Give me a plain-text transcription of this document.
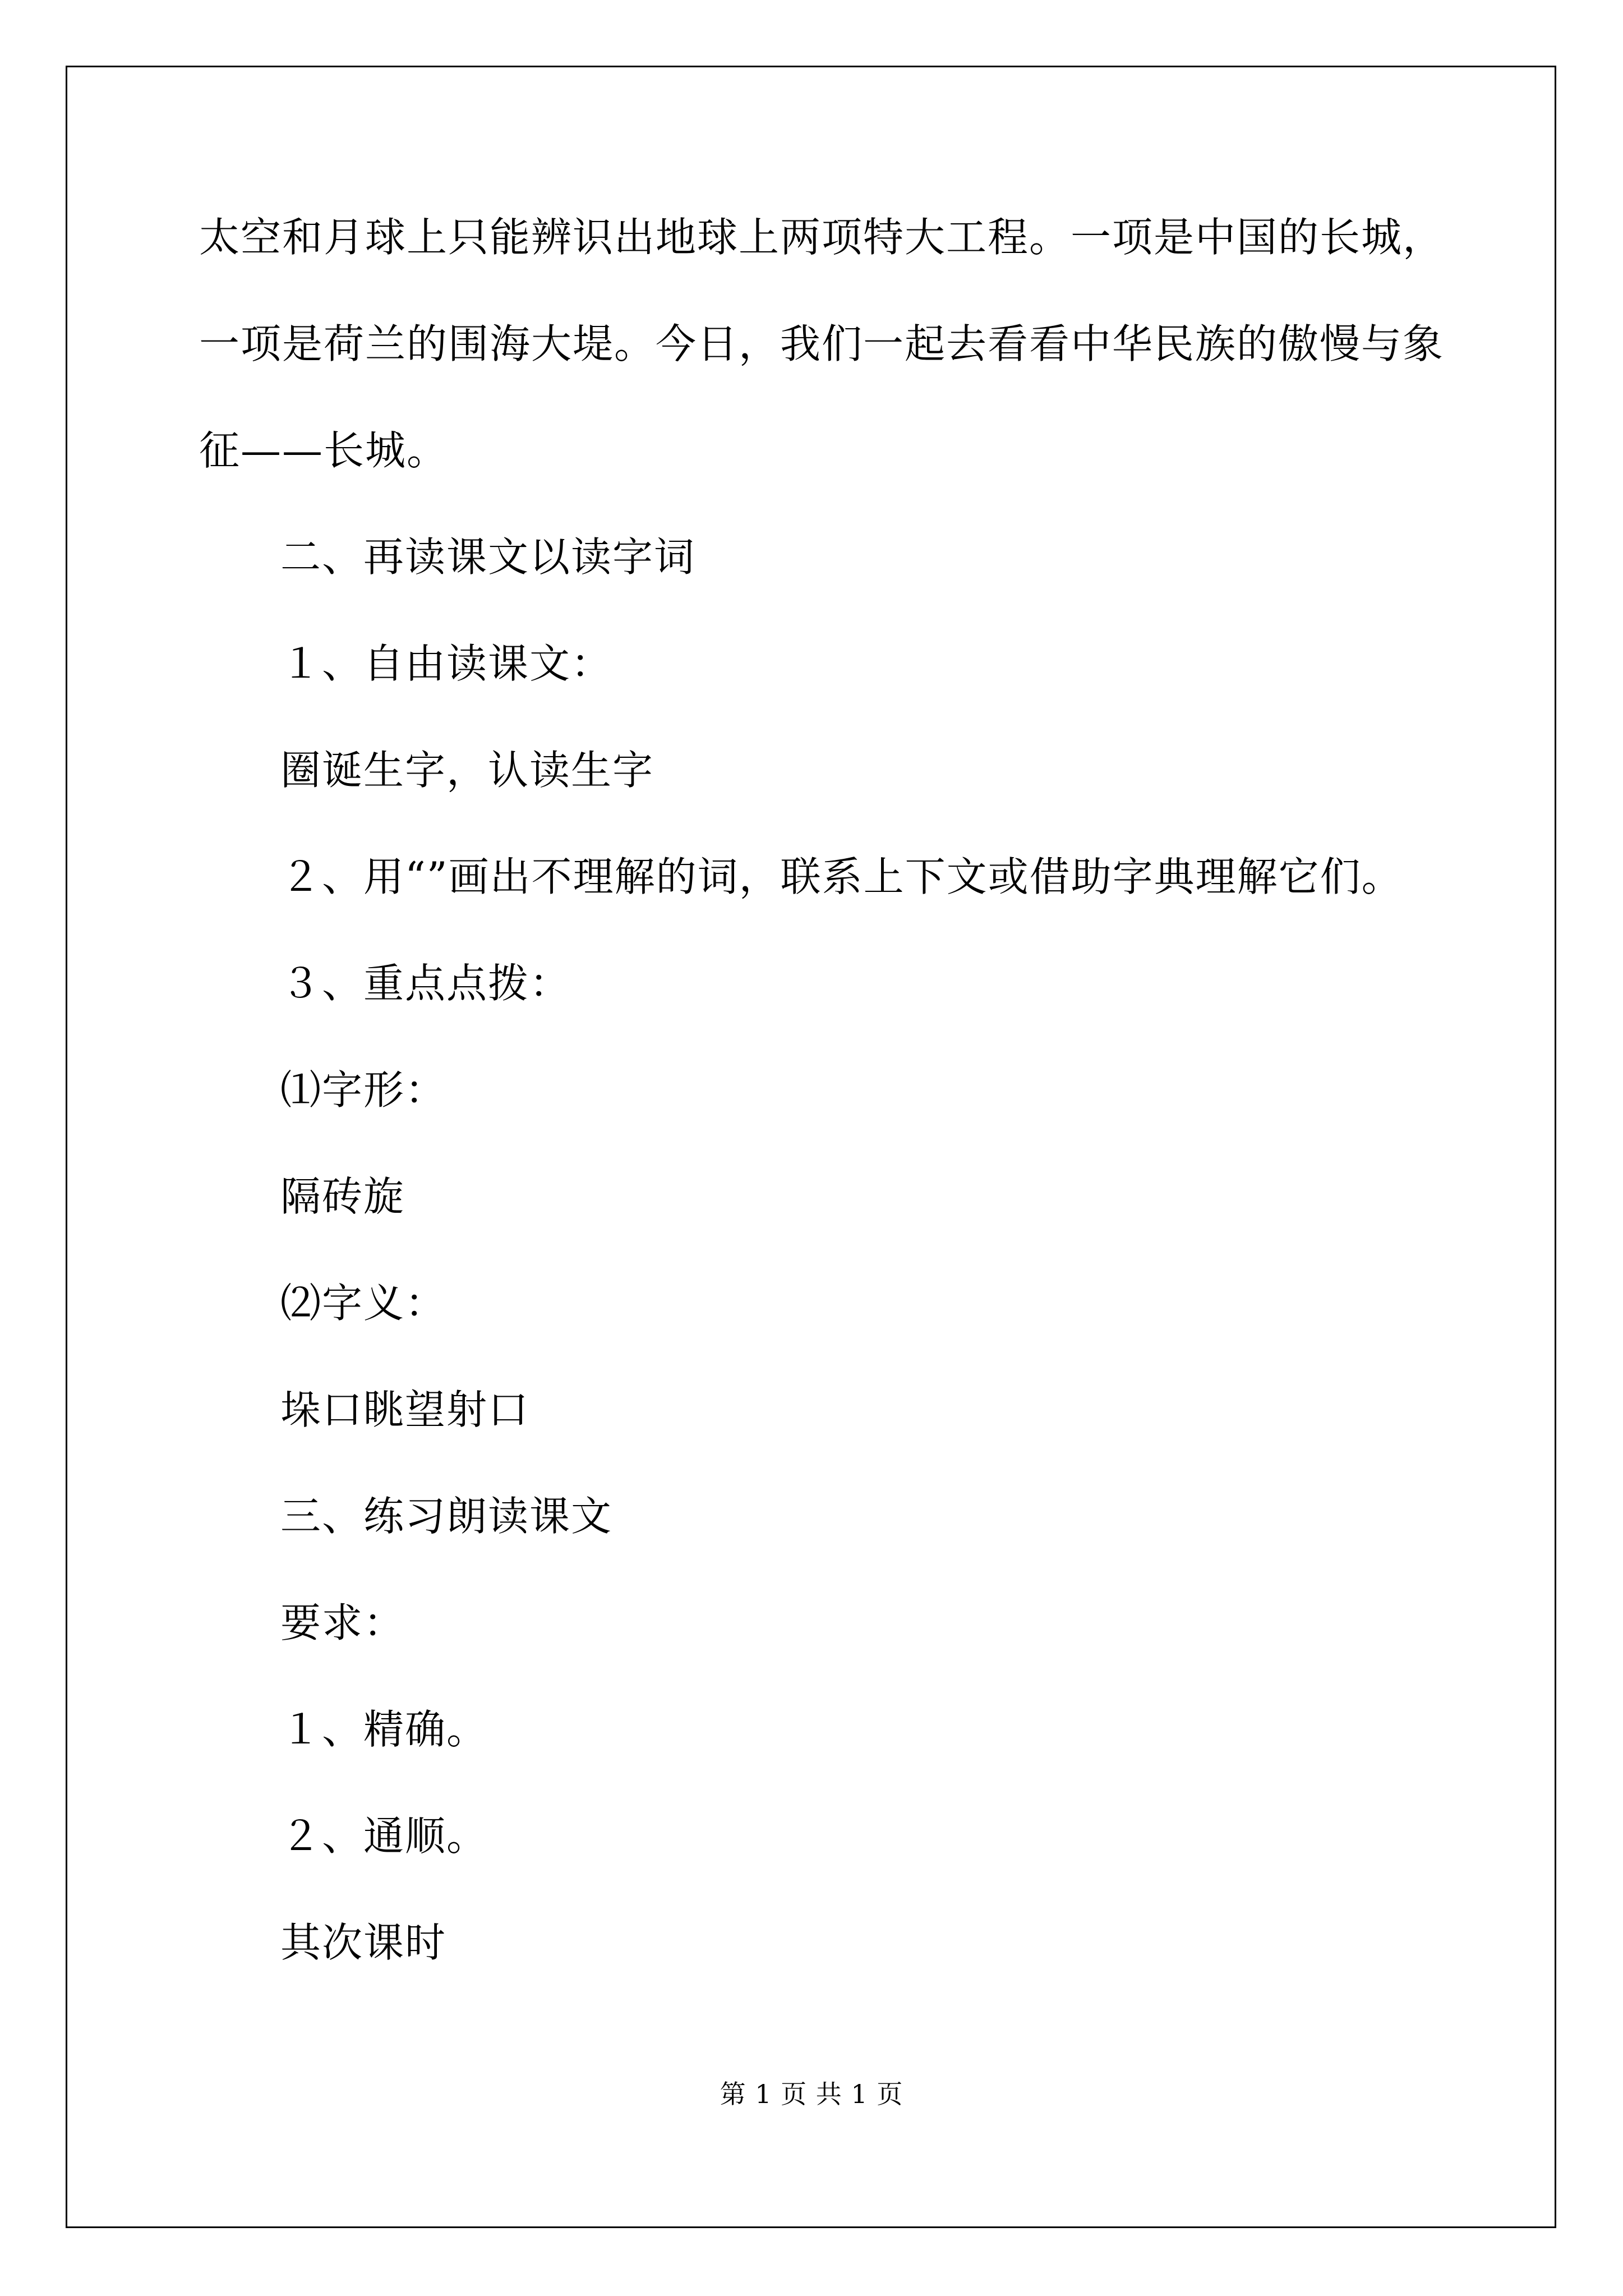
太空和月球上只能辨识出地球上两项特大工程。一项是中国的长城，
一项是荷兰的围海大堤。今日，我们一起去看看中华民族的傲慢与象
征——长城。
二、再读课文以读字词
１、自由读课文：
圈诞生字，认读生字
２、用“”画出不理解的词，联系上下文或借助字典理解它们。
３、重点点拨：
⑴字形：
隔砖旋
⑵字义：
垛口眺望射口
三、练习朗读课文
要求：
１、精确。
２、通顺。
其次课时
第 1 页 共 1 页
